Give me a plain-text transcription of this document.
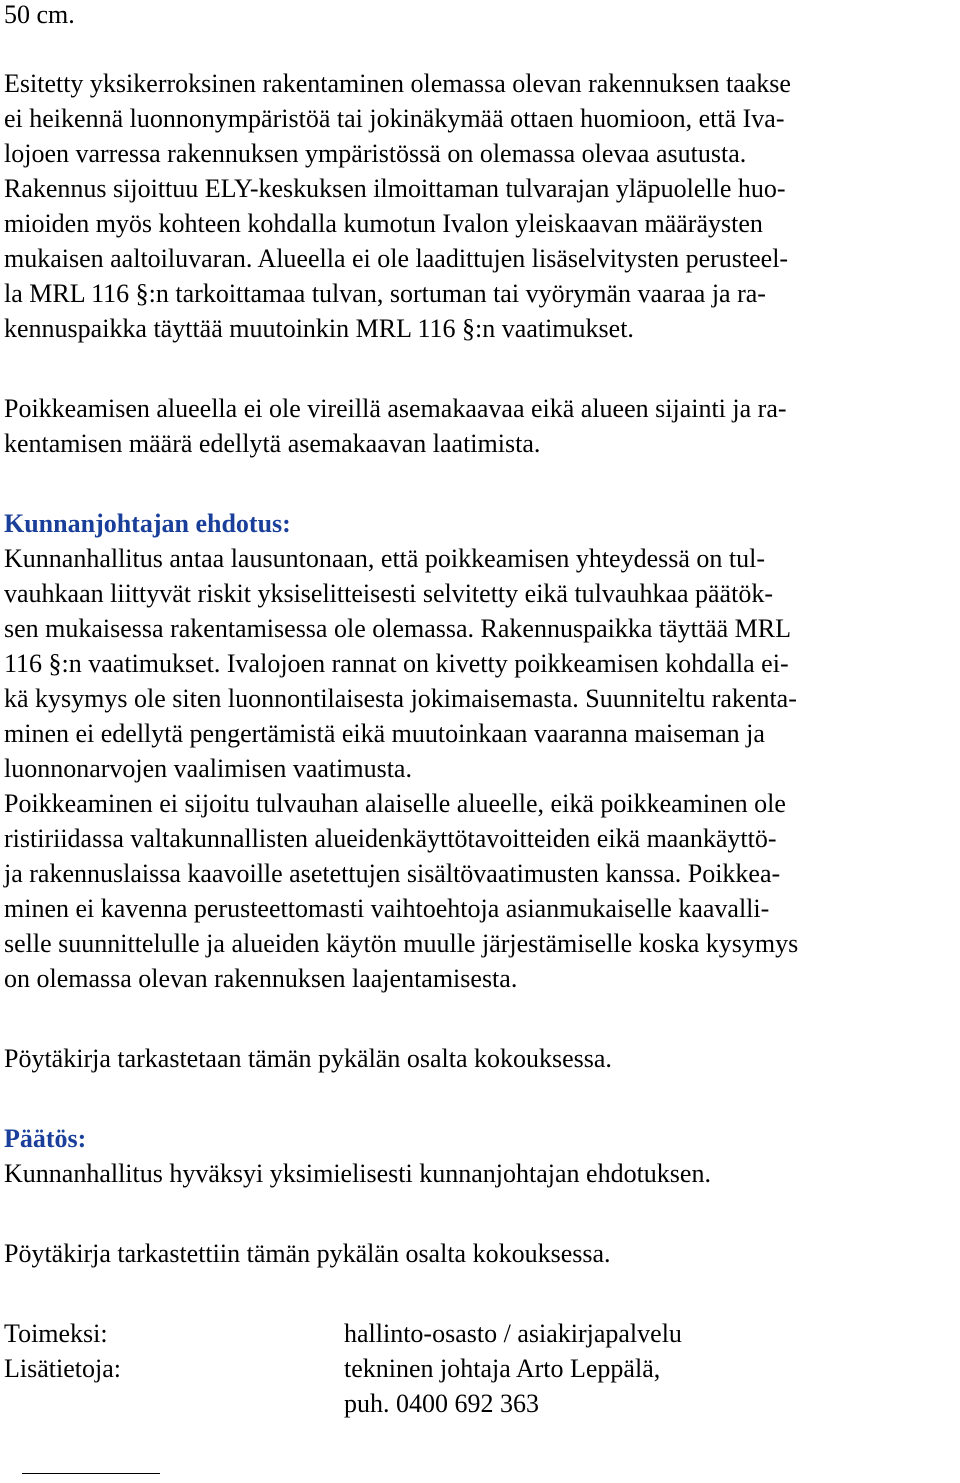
50 cm.
Esitetty yksikerroksinen rakentaminen olemassa olevan rakennuksen taakse
ei heikennä luonnonympäristöä tai jokinäkymää ottaen huomioon, että Iva-
lojoen varressa rakennuksen ympäristössä on olemassa olevaa asutusta.
Rakennus sijoittuu ELY-keskuksen ilmoittaman tulvarajan yläpuolelle huo-
mioiden myös kohteen kohdalla kumotun Ivalon yleiskaavan määräysten
mukaisen aaltoiluvaran. Alueella ei ole laadittujen lisäselvitysten perusteel-
la MRL 116 §:n tarkoittamaa tulvan, sortuman tai vyörymän vaaraa ja ra-
kennuspaikka täyttää muutoinkin MRL 116 §:n vaatimukset.
Poikkeamisen alueella ei ole vireillä asemakaavaa eikä alueen sijainti ja ra-
kentamisen määrä edellytä asemakaavan laatimista.
Kunnanjohtajan ehdotus:
Kunnanhallitus antaa lausuntonaan, että poikkeamisen yhteydessä on tul-
vauhkaan liittyvät riskit yksiselitteisesti selvitetty eikä tulvauhkaa päätök-
sen mukaisessa rakentamisessa ole olemassa. Rakennuspaikka täyttää MRL
116 §:n vaatimukset. Ivalojoen rannat on kivetty poikkeamisen kohdalla ei-
kä kysymys ole siten luonnontilaisesta jokimaisemasta. Suunniteltu rakenta-
minen ei edellytä pengertämistä eikä muutoinkaan vaaranna maiseman ja
luonnonarvojen vaalimisen vaatimusta.
Poikkeaminen ei sijoitu tulvauhan alaiselle alueelle, eikä poikkeaminen ole
ristiriidassa valtakunnallisten alueidenkäyttötavoitteiden eikä maankäyttö-
ja rakennuslaissa kaavoille asetettujen sisältövaatimusten kanssa. Poikkea-
minen ei kavenna perusteettomasti vaihtoehtoja asianmukaiselle kaavalli-
selle suunnittelulle ja alueiden käytön muulle järjestämiselle koska kysymys
on olemassa olevan rakennuksen laajentamisesta.
Pöytäkirja tarkastetaan tämän pykälän osalta kokouksessa.
Päätös:
Kunnanhallitus hyväksyi yksimielisesti kunnanjohtajan ehdotuksen.
Pöytäkirja tarkastettiin tämän pykälän osalta kokouksessa.
Toimeksi:	hallinto-osasto / asiakirjapalvelu
Lisätietoja:	tekninen johtaja Arto Leppälä,
puh. 0400 692 363
